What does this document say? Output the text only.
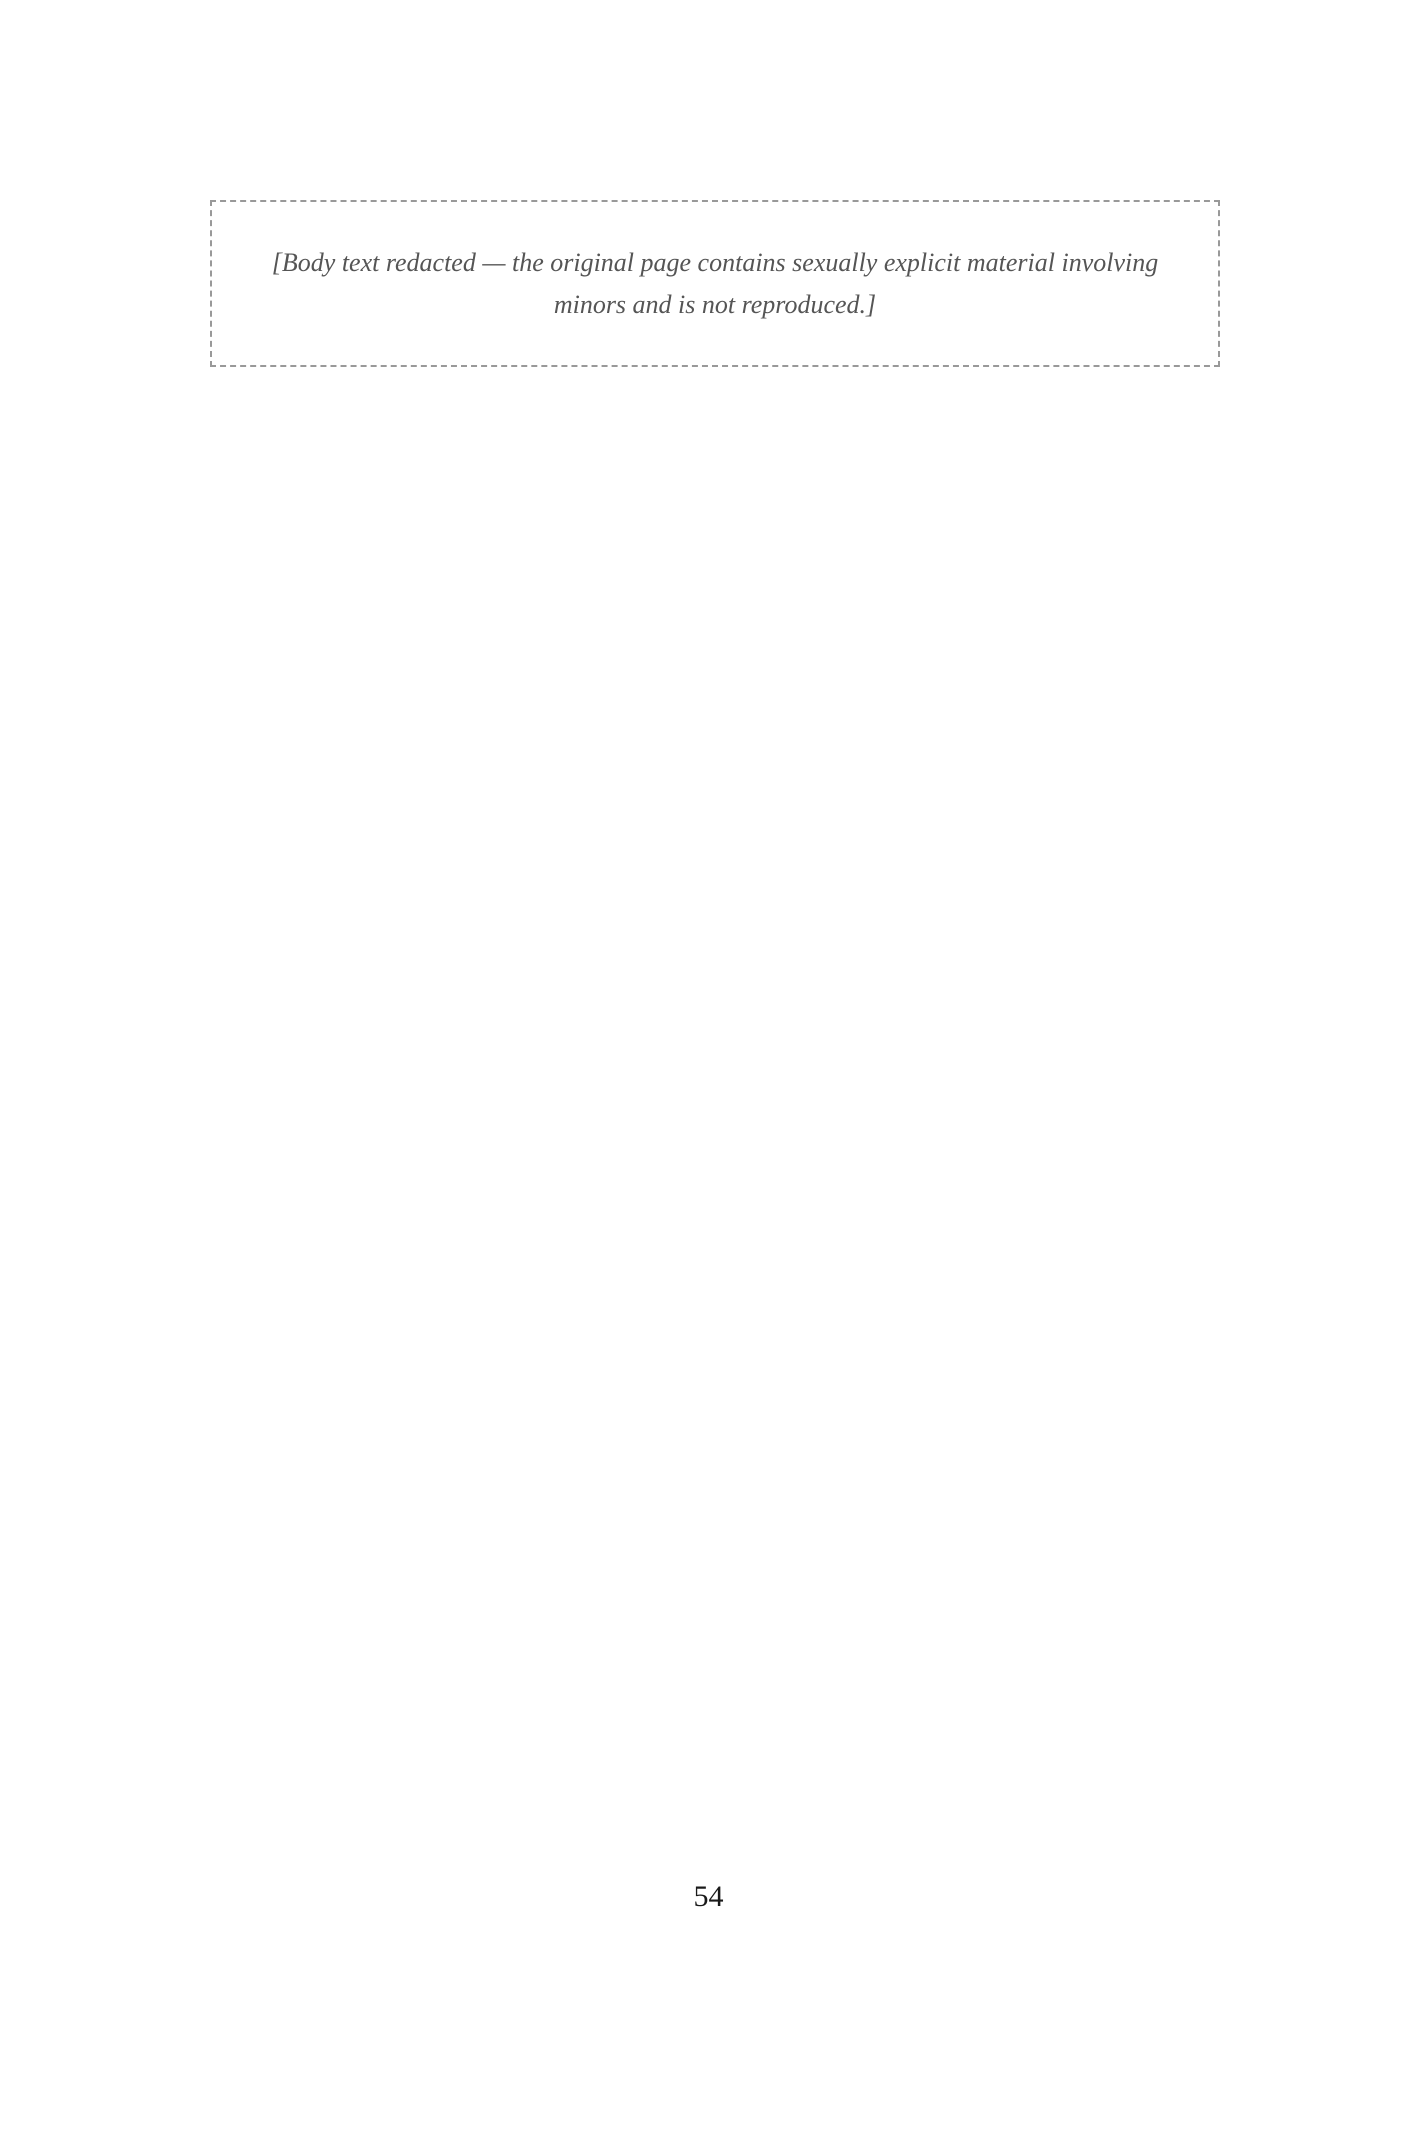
[Body text redacted — the original page contains sexually explicit material involving minors and is not reproduced.]
54
